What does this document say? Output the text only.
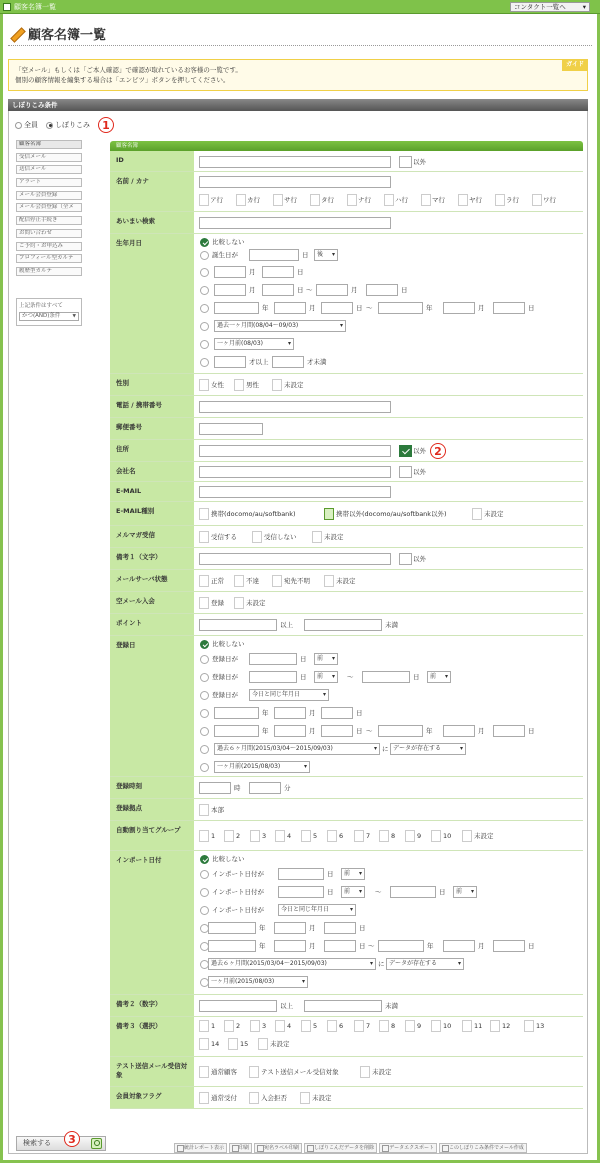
顧客名簿一覧	コンタクト一覧へ ▾
顧客名簿一覧
「空メール」もしくは「ご本人確認」で確認が取れているお客様の一覧です。
個別の顧客情報を編集する場合は「エンピツ」ボタンを押してください。
ガイド
しぼりこみ条件
全員 しぼりこみ	1
顧客名簿
受信メール
送信メール
アラート
メール会員登録
メール会員登録（全メ
配信停止手続き
お問い合わせ
ご予約・お申込み
プロフィール型カルテ
履歴型カルテ
上記条件はすべて
かつ(AND)条件 ▼
顧客名簿
ID	以外
名前 / カナ
ア行	カ行	サ行	タ行	ナ行	ハ行	マ行	ヤ行	ラ行	ワ行
あいまい検索
生年月日	比較しない
誕生日が	日	後 ▾
月	日
月	日 ～	月	日
年	月	日 ～	年	月	日
過去一ヶ月間(08/04～09/03) ▾
一ヶ月前(08/03) ▾
才以上	才未満
性別	女性	男性	未設定
電話 / 携帯番号
郵便番号
住所	以外 2
会社名	以外
E-MAIL
E-MAIL種別	携帯(docomo/au/softbank)	携帯以外(docomo/au/softbank以外)	未設定
メルマガ受信	受信する	受信しない	未設定
備考１（文字）	以外
メールサーバ状態	正常	不達	宛先不明	未設定
空メール入会	登録	未設定
ポイント	以上	未満
登録日	比較しない
登録日が	日	前 ▾
登録日が	日	前 ▾	～	日	前 ▾
登録日が	今日と同じ年月日 ▾
年	月	日
年	月	日 ～	年	月	日
過去６ヶ月間(2015/03/04～2015/09/03) ▾	に データが存在する ▾
一ヶ月前(2015/08/03) ▾
登録時刻	時	分
登録拠点	本部
自動割り当てグループ
1	2	3	4	5	6	7	8	9	10	未設定
インポート日付	比較しない
インポート日付が	日	前 ▾
インポート日付が	日	前 ▾	～	日	前 ▾
インポート日付が	今日と同じ年月日 ▾
年	月	日
年	月	日 ～	年	月	日
過去６ヶ月間(2015/03/04～2015/09/03) ▾	に データが存在する ▾
一ヶ月前(2015/08/03) ▾
備考２（数字）	以上	未満
備考３（選択）	1	2	3	4	5	6	7	8	9	10	11	12	13
14	15	未設定
テスト送信メール受信対象	通常顧客	テスト送信メール受信対象	未設定
会員対象フラグ	通常受付	入会拒否	未設定
検索する	3
統計レポート表示	印刷	宛名ラベル印刷	しぼりこんだデータを削除	データエクスポート	このしぼりこみ条件でメール作成
